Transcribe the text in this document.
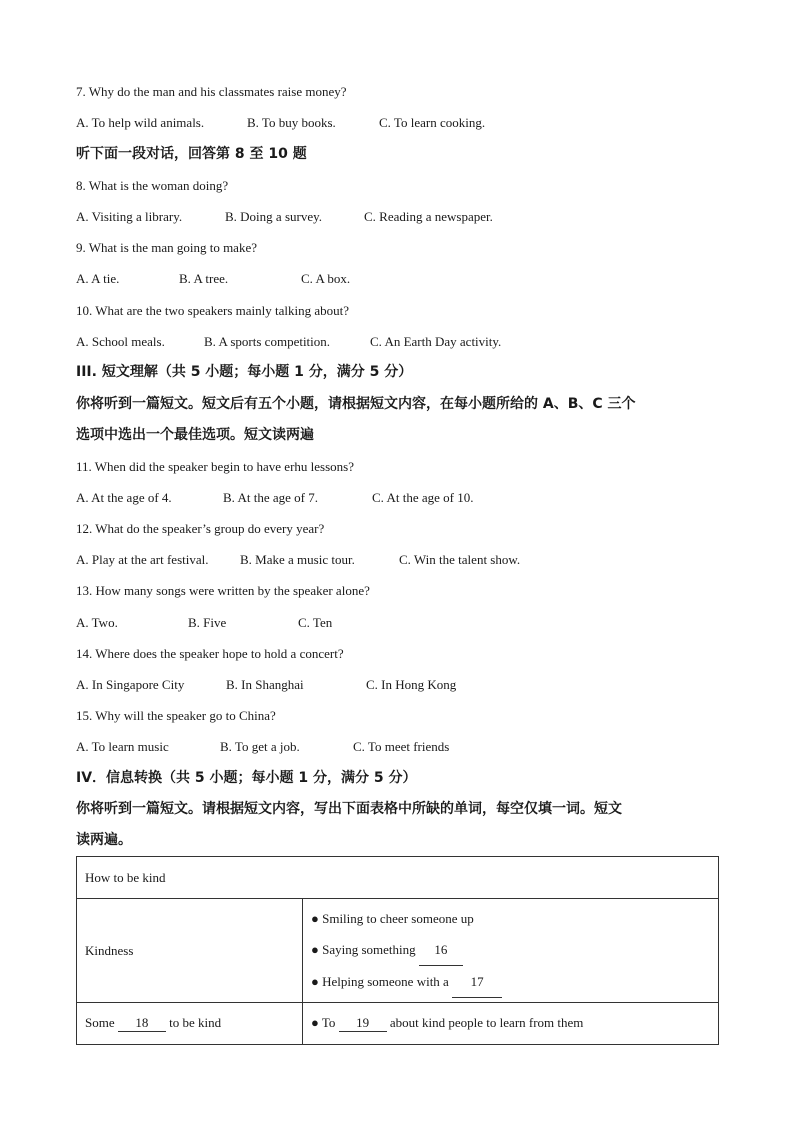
7. Why do the man and his classmates raise money?
A. To help wild animals.	B. To buy books.	C. To learn cooking.
听下面一段对话，回答第 8 至 10 题
8. What is the woman doing?
A. Visiting a library.	B. Doing a survey.	C. Reading a newspaper.
9. What is the man going to make?
A. A tie.	B. A tree.	C. A box.
10. What are the two speakers mainly talking about?
A. School meals.	B. A sports competition.	C. An Earth Day activity.
III. 短文理解（共 5 小题；每小题 1 分，满分 5 分）
你将听到一篇短文。短文后有五个小题，请根据短文内容，在每小题所给的 A、B、C 三个
选项中选出一个最佳选项。短文读两遍
11. When did the speaker begin to have erhu lessons?
A. At the age of 4.	B. At the age of 7.	C. At the age of 10.
12. What do the speaker’s group do every year?
A. Play at the art festival. B. Make a music tour.	C. Win the talent show.
13. How many songs were written by the speaker alone?
A. Two.	B. Five	C. Ten
14. Where does the speaker hope to hold a concert?
A. In Singapore City	B. In Shanghai	C. In Hong Kong
15. Why will the speaker go to China?
A. To learn music	B. To get a job.	C. To meet friends
IV．信息转换（共 5 小题；每小题 1 分，满分 5 分）
你将听到一篇短文。请根据短文内容，写出下面表格中所缺的单词，每空仅填一词。短文
读两遍。
How to be kind	
Kindness	● Smiling to cheer someone up
● Saying something 16
● Helping someone with a 17

Some 18 to be kind	● To 19 about kind people to learn from them
